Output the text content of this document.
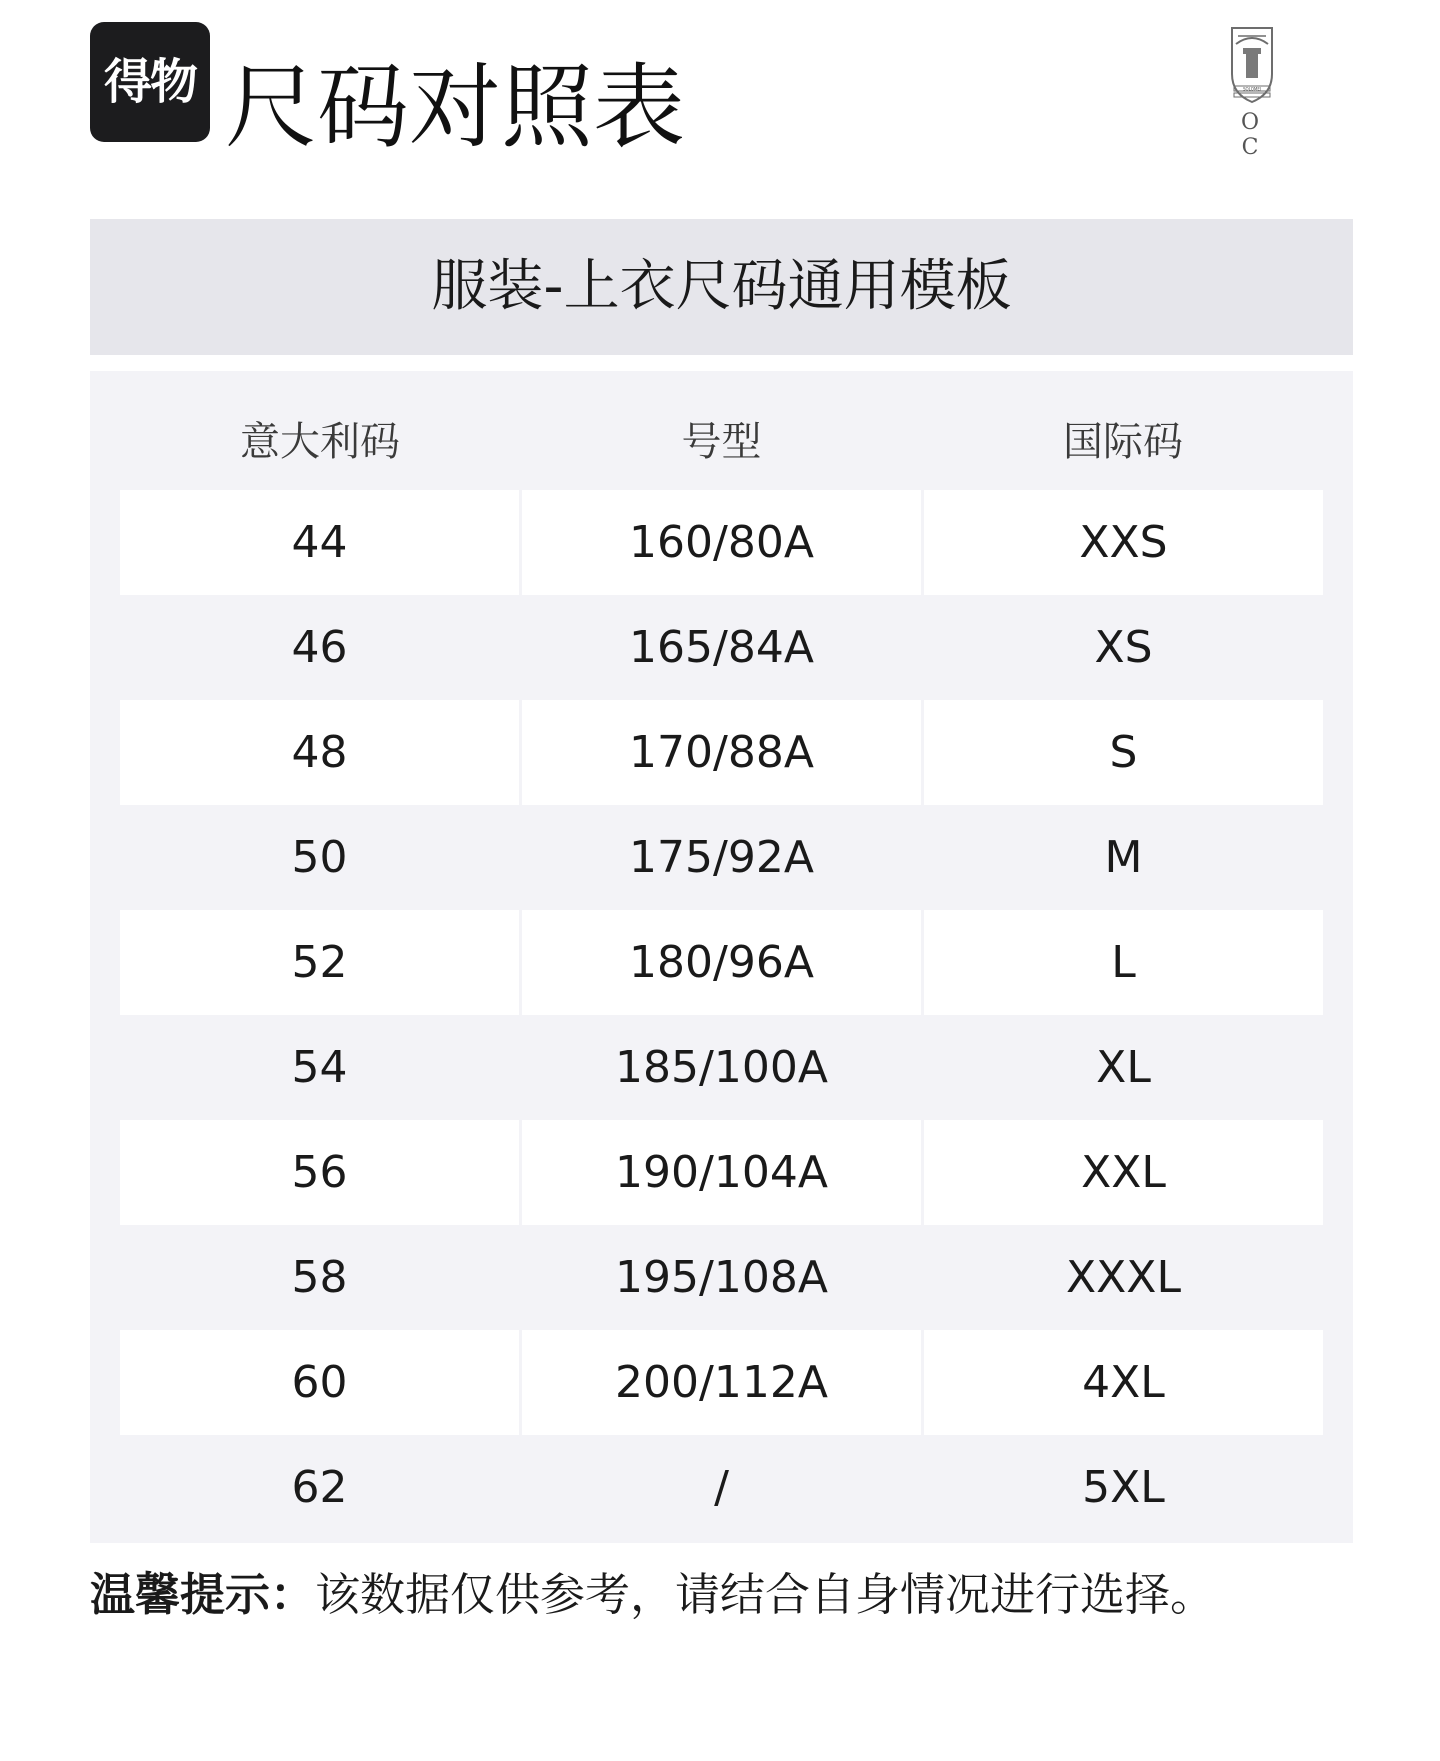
得物 尺码对照表	SOLOMEI
O C
服装-上衣尺码通用模板
意大利码	号型	国际码
44	160/80A	XXS
46	165/84A	XS
48	170/88A	S
50	175/92A	M
52	180/96A	L
54	185/100A	XL
56	190/104A	XXL
58	195/108A	XXXL
60	200/112A	4XL
62	/	5XL
温馨提示：该数据仅供参考，请结合自身情况进行选择。
